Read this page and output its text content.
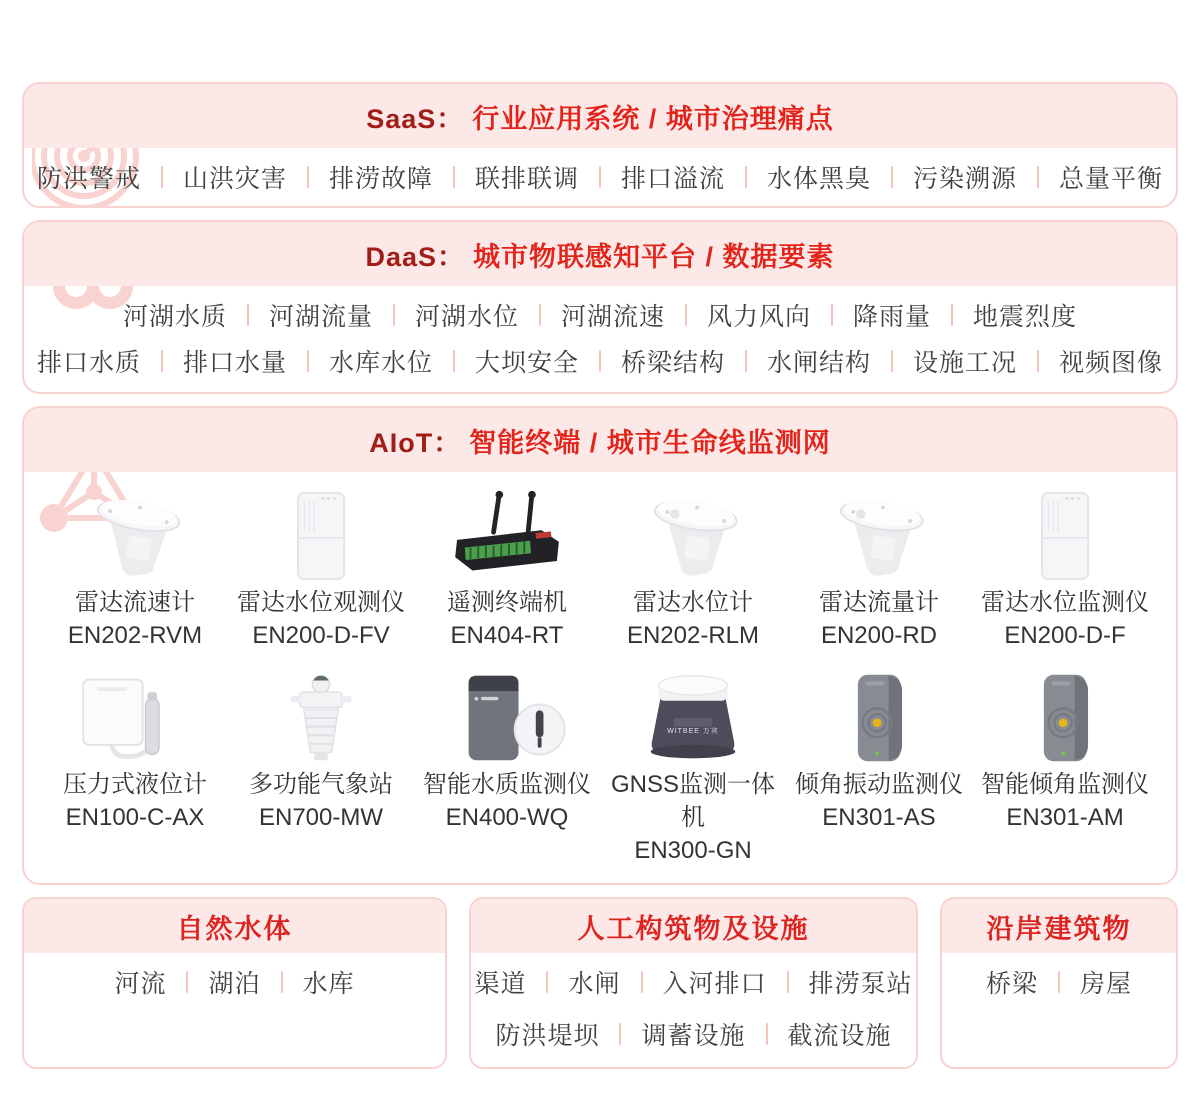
SaaS： 行业应用系统 / 城市治理痛点
防洪警戒 山洪灾害 排涝故障 联排联调 排口溢流 水体黑臭 污染溯源 总量平衡
DaaS： 城市物联感知平台 / 数据要素
河湖水质 河湖流量 河湖水位 河湖流速 风力风向 降雨量 地震烈度
排口水质 排口水量 水库水位 大坝安全 桥梁结构 水闸结构 设施工况 视频图像
AIoT： 智能终端 / 城市生命线监测网
雷达流速计
EN202-RVM
雷达水位观测仪
EN200-D-FV
遥测终端机
EN404-RT
雷达水位计
EN202-RLM
雷达流量计
EN200-RD
雷达水位监测仪
EN200-D-F
压力式液位计
EN100-C-AX
多功能气象站
EN700-MW
智能水质监测仪
EN400-WQ
WITBEE 万宾
GNSS监测一体机
EN300-GN
倾角振动监测仪
EN301-AS
智能倾角监测仪
EN301-AM
自然水体
河流 湖泊 水库
人工构筑物及设施
渠道 水闸 入河排口 排涝泵站
防洪堤坝 调蓄设施 截流设施
沿岸建筑物
桥梁 房屋
